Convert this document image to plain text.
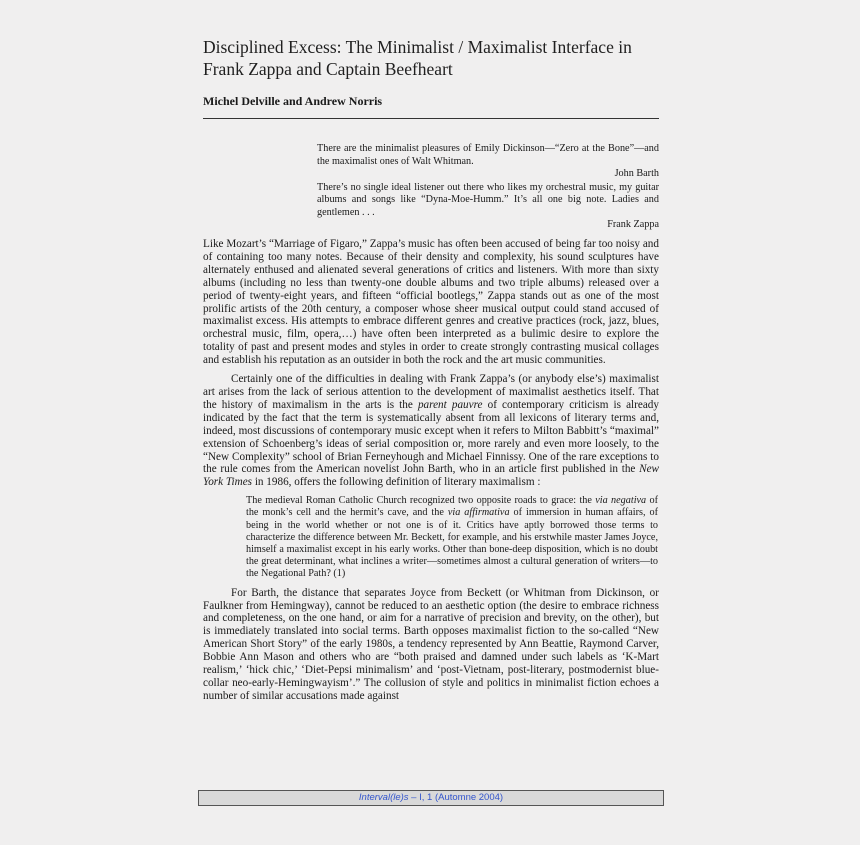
Disciplined Excess: The Minimalist / Maximalist Interface in Frank Zappa and Captain Beefheart
Michel Delville and Andrew Norris

There are the minimalist pleasures of Emily Dickinson—“Zero at the Bone”—and the maximalist ones of Walt Whitman.

John Barth

There’s no single ideal listener out there who likes my orchestral music, my guitar albums and songs like “Dyna-Moe-Humm.” It’s all one big note. Ladies and gentlemen . . .

Frank Zappa

Like Mozart’s “Marriage of Figaro,” Zappa’s music has often been accused of being far too noisy and of containing too many notes. Because of their density and complexity, his sound sculptures have alternately enthused and alienated several generations of critics and listeners. With more than sixty albums (including no less than twenty-one double albums and two triple albums) released over a period of twenty-eight years, and fifteen “official bootlegs,” Zappa stands out as one of the most prolific artists of the 20th century, a composer whose sheer musical output could stand accused of maximalist excess. His attempts to embrace different genres and creative practices (rock, jazz, blues, orchestral music, film, opera,…) have often been interpreted as a bulimic desire to explore the totality of past and present modes and styles in order to create strongly contrasting musical collages and establish his reputation as an outsider in both the rock and the art music communities.

Certainly one of the difficulties in dealing with Frank Zappa’s (or anybody else’s) maximalist art arises from the lack of serious attention to the development of maximalist aesthetics itself. That the history of maximalism in the arts is the parent pauvre of contemporary criticism is already indicated by the fact that the term is systematically absent from all lexicons of literary terms and, indeed, most discussions of contemporary music except when it refers to Milton Babbitt’s “maximal” extension of Schoenberg’s ideas of serial composition or, more rarely and even more loosely, to the “New Complexity” school of Brian Ferneyhough and Michael Finnissy. One of the rare exceptions to the rule comes from the American novelist John Barth, who in an article first published in the New York Times in 1986, offers the following definition of literary maximalism :

The medieval Roman Catholic Church recognized two opposite roads to grace: the via negativa of the monk’s cell and the hermit’s cave, and the via affirmativa of immersion in human affairs, of being in the world whether or not one is of it. Critics have aptly borrowed those terms to characterize the difference between Mr. Beckett, for example, and his erstwhile master James Joyce, himself a maximalist except in his early works. Other than bone-deep disposition, which is no doubt the great determinant, what inclines a writer—sometimes almost a cultural generation of writers—to the Negational Path? (1)

For Barth, the distance that separates Joyce from Beckett (or Whitman from Dickinson, or Faulkner from Hemingway), cannot be reduced to an aesthetic option (the desire to embrace richness and completeness, on the one hand, or aim for a narrative of precision and brevity, on the other), but is immediately translated into social terms. Barth opposes maximalist fiction to the so-called “New American Short Story” of the early 1980s, a tendency represented by Ann Beattie, Raymond Carver, Bobbie Ann Mason and others who are “both praised and damned under such labels as ‘K-Mart realism,’ ‘hick chic,’ ‘Diet-Pepsi minimalism’ and ‘post-Vietnam, post-literary, postmodernist blue-collar neo-early-Hemingwayism’.” The collusion of style and politics in minimalist fiction echoes a number of similar accusations made against

Interval(le)s – I, 1 (Automne 2004)
